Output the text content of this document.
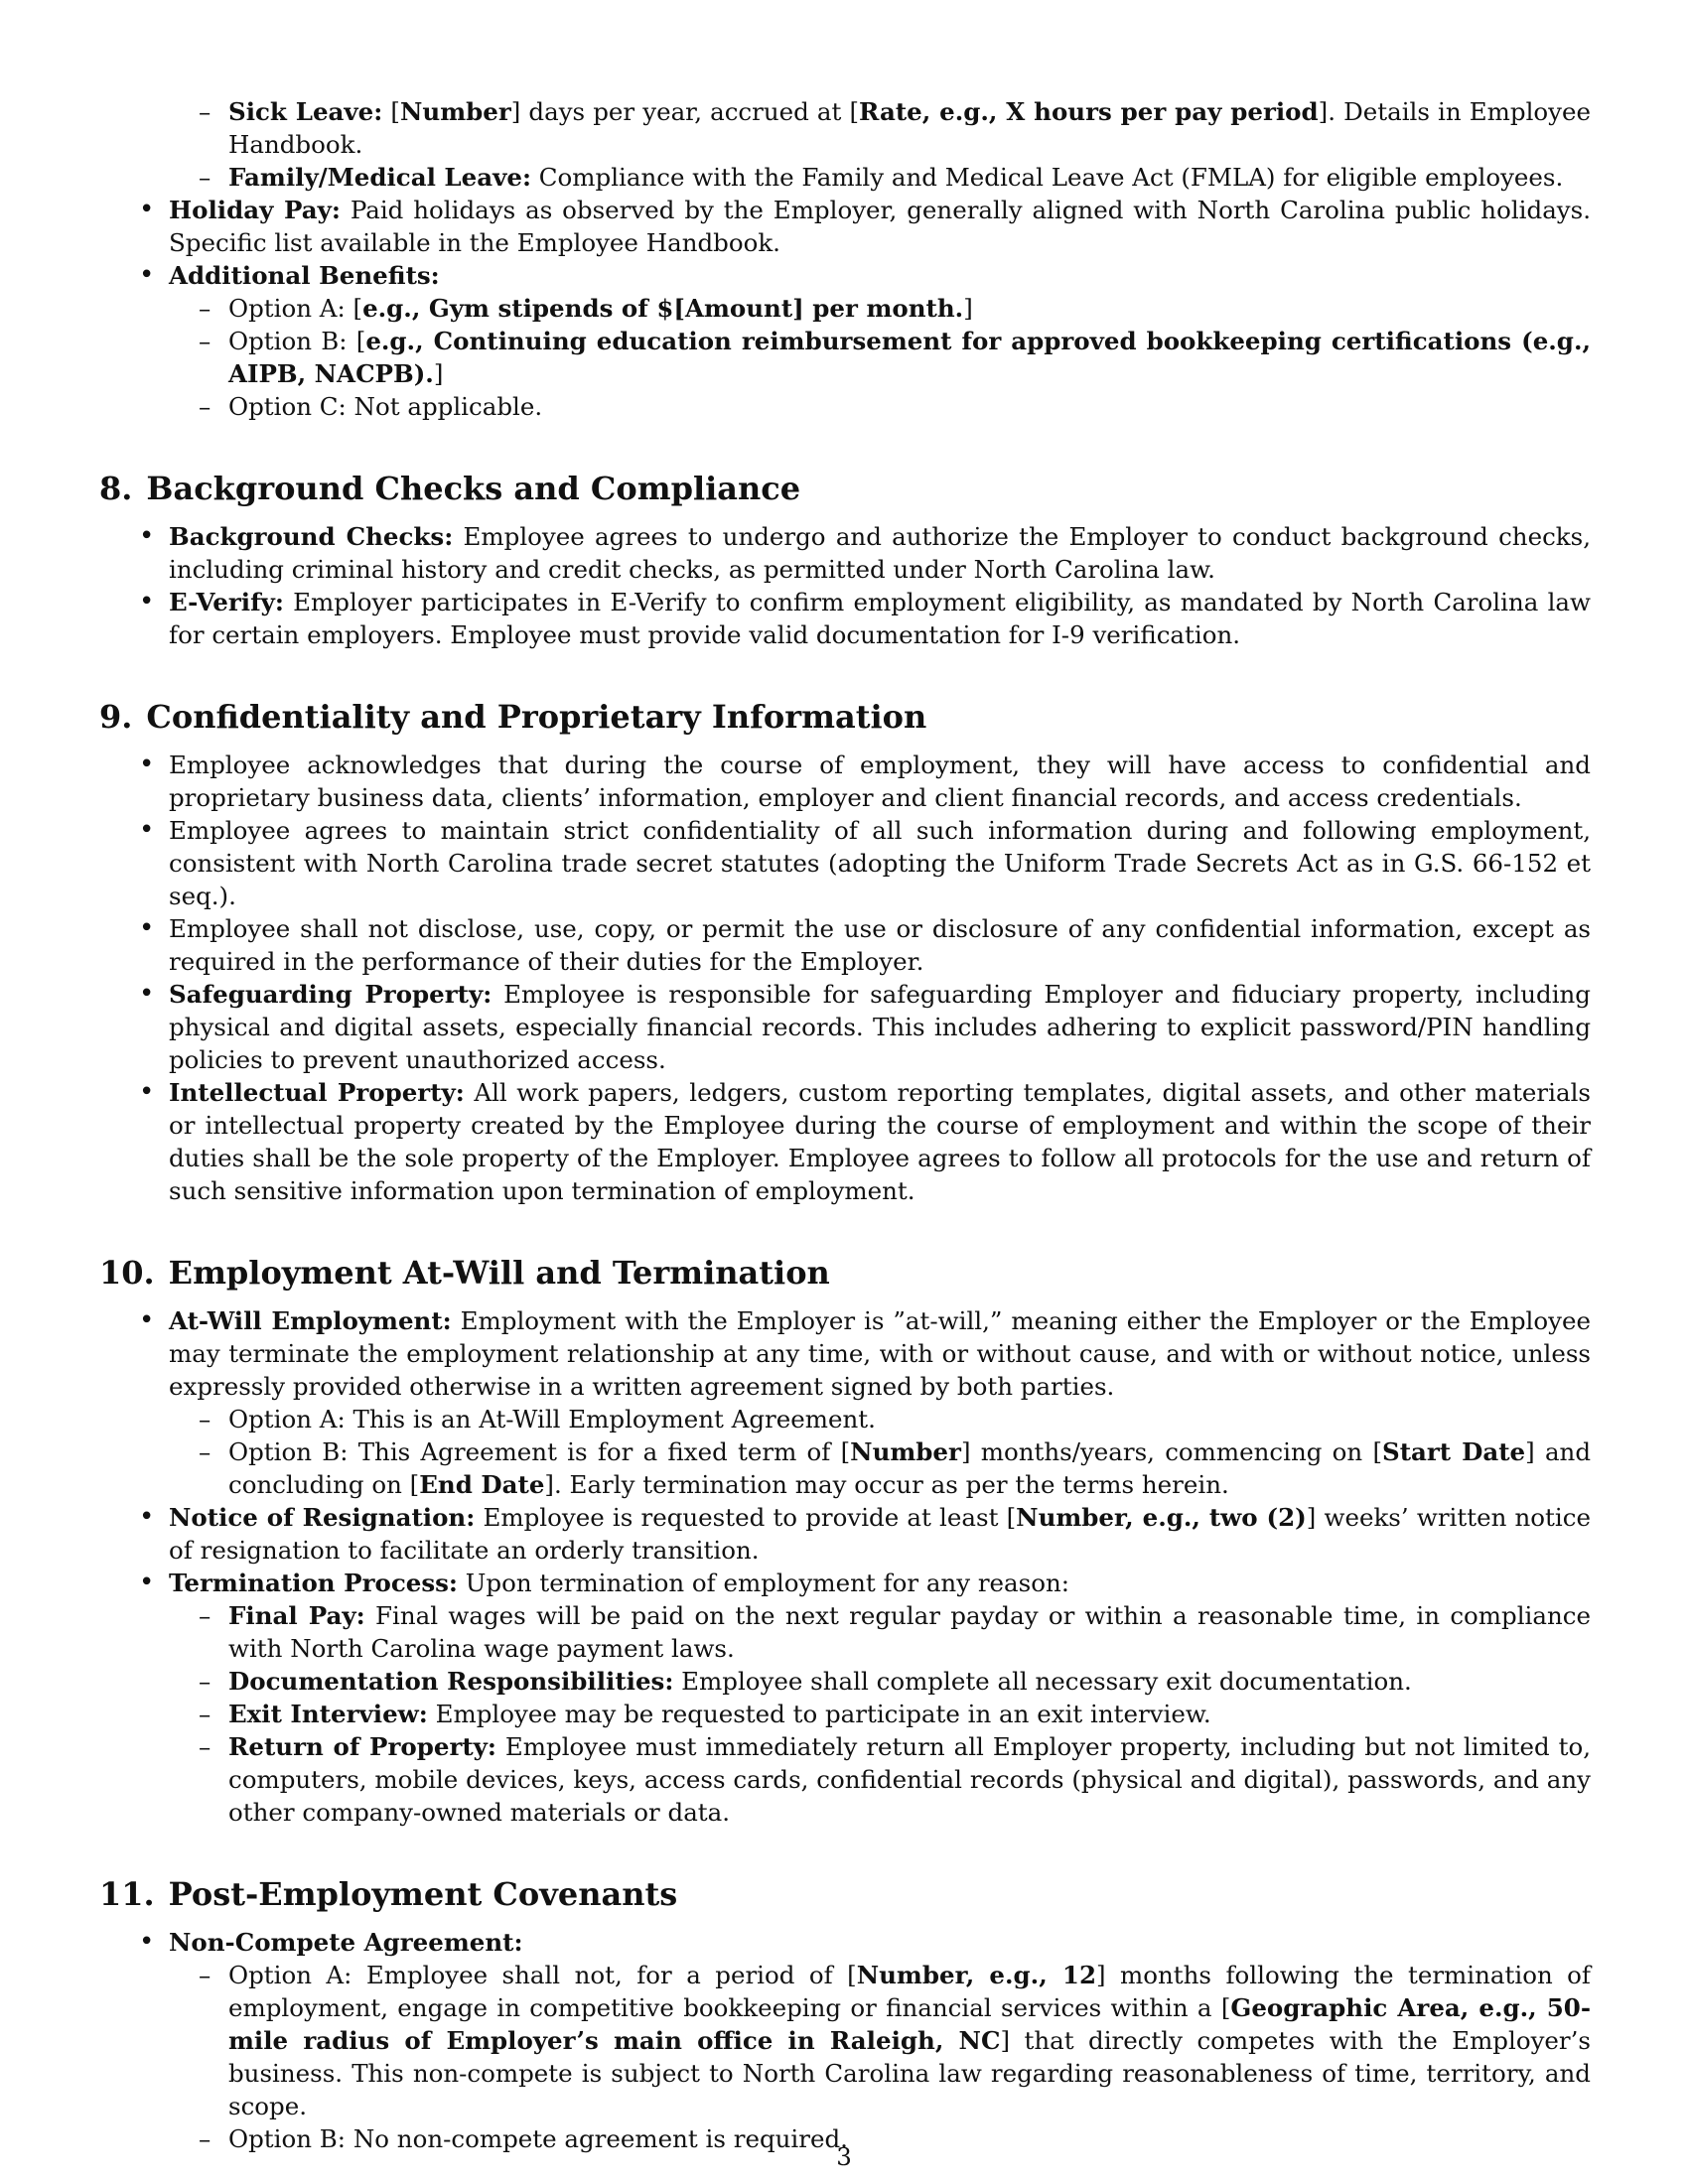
– Sick Leave: [Number] days per year, accrued at [Rate, e.g., X hours per pay period]. Details in Employee Handbook.
– Family/Medical Leave: Compliance with the Family and Medical Leave Act (FMLA) for eligible employees.
• Holiday Pay: Paid holidays as observed by the Employer, generally aligned with North Carolina public holidays. Specific list available in the Employee Handbook.
• Additional Benefits:
– Option A: [e.g., Gym stipends of $[Amount] per month.]
– Option B: [e.g., Continuing education reimbursement for approved bookkeeping certifications (e.g., AIPB, NACPB).]
– Option C: Not applicable.
8. Background Checks and Compliance
• Background Checks: Employee agrees to undergo and authorize the Employer to conduct background checks, including criminal history and credit checks, as permitted under North Carolina law.
• E-Verify: Employer participates in E-Verify to confirm employment eligibility, as mandated by North Carolina law for certain employers. Employee must provide valid documentation for I-9 verification.
9. Confidentiality and Proprietary Information
• Employee acknowledges that during the course of employment, they will have access to confidential and proprietary business data, clients’ information, employer and client financial records, and access credentials.
• Employee agrees to maintain strict confidentiality of all such information during and following employment, consistent with North Carolina trade secret statutes (adopting the Uniform Trade Secrets Act as in G.S. 66-152 et seq.).
• Employee shall not disclose, use, copy, or permit the use or disclosure of any confidential information, except as required in the performance of their duties for the Employer.
• Safeguarding Property: Employee is responsible for safeguarding Employer and fiduciary property, including physical and digital assets, especially financial records. This includes adhering to explicit password/PIN handling policies to prevent unauthorized access.
• Intellectual Property: All work papers, ledgers, custom reporting templates, digital assets, and other materials or intellectual property created by the Employee during the course of employment and within the scope of their duties shall be the sole property of the Employer. Employee agrees to follow all protocols for the use and return of such sensitive information upon termination of employment.
10. Employment At-Will and Termination
• At-Will Employment: Employment with the Employer is ”at-will,” meaning either the Employer or the Employee may terminate the employment relationship at any time, with or without cause, and with or without notice, unless expressly provided otherwise in a written agreement signed by both parties.
– Option A: This is an At-Will Employment Agreement.
– Option B: This Agreement is for a fixed term of [Number] months/years, commencing on [Start Date] and concluding on [End Date]. Early termination may occur as per the terms herein.
• Notice of Resignation: Employee is requested to provide at least [Number, e.g., two (2)] weeks’ written notice of resignation to facilitate an orderly transition.
• Termination Process: Upon termination of employment for any reason:
– Final Pay: Final wages will be paid on the next regular payday or within a reasonable time, in compliance with North Carolina wage payment laws.
– Documentation Responsibilities: Employee shall complete all necessary exit documentation.
– Exit Interview: Employee may be requested to participate in an exit interview.
– Return of Property: Employee must immediately return all Employer property, including but not limited to, computers, mobile devices, keys, access cards, confidential records (physical and digital), passwords, and any other company-owned materials or data.
11. Post-Employment Covenants
• Non-Compete Agreement:
– Option A: Employee shall not, for a period of [Number, e.g., 12] months following the termination of employment, engage in competitive bookkeeping or financial services within a [Geographic Area, e.g., 50-mile radius of Employer’s main office in Raleigh, NC] that directly competes with the Employer’s business. This non-compete is subject to North Carolina law regarding reasonableness of time, territory, and scope.
– Option B: No non-compete agreement is required.
3
